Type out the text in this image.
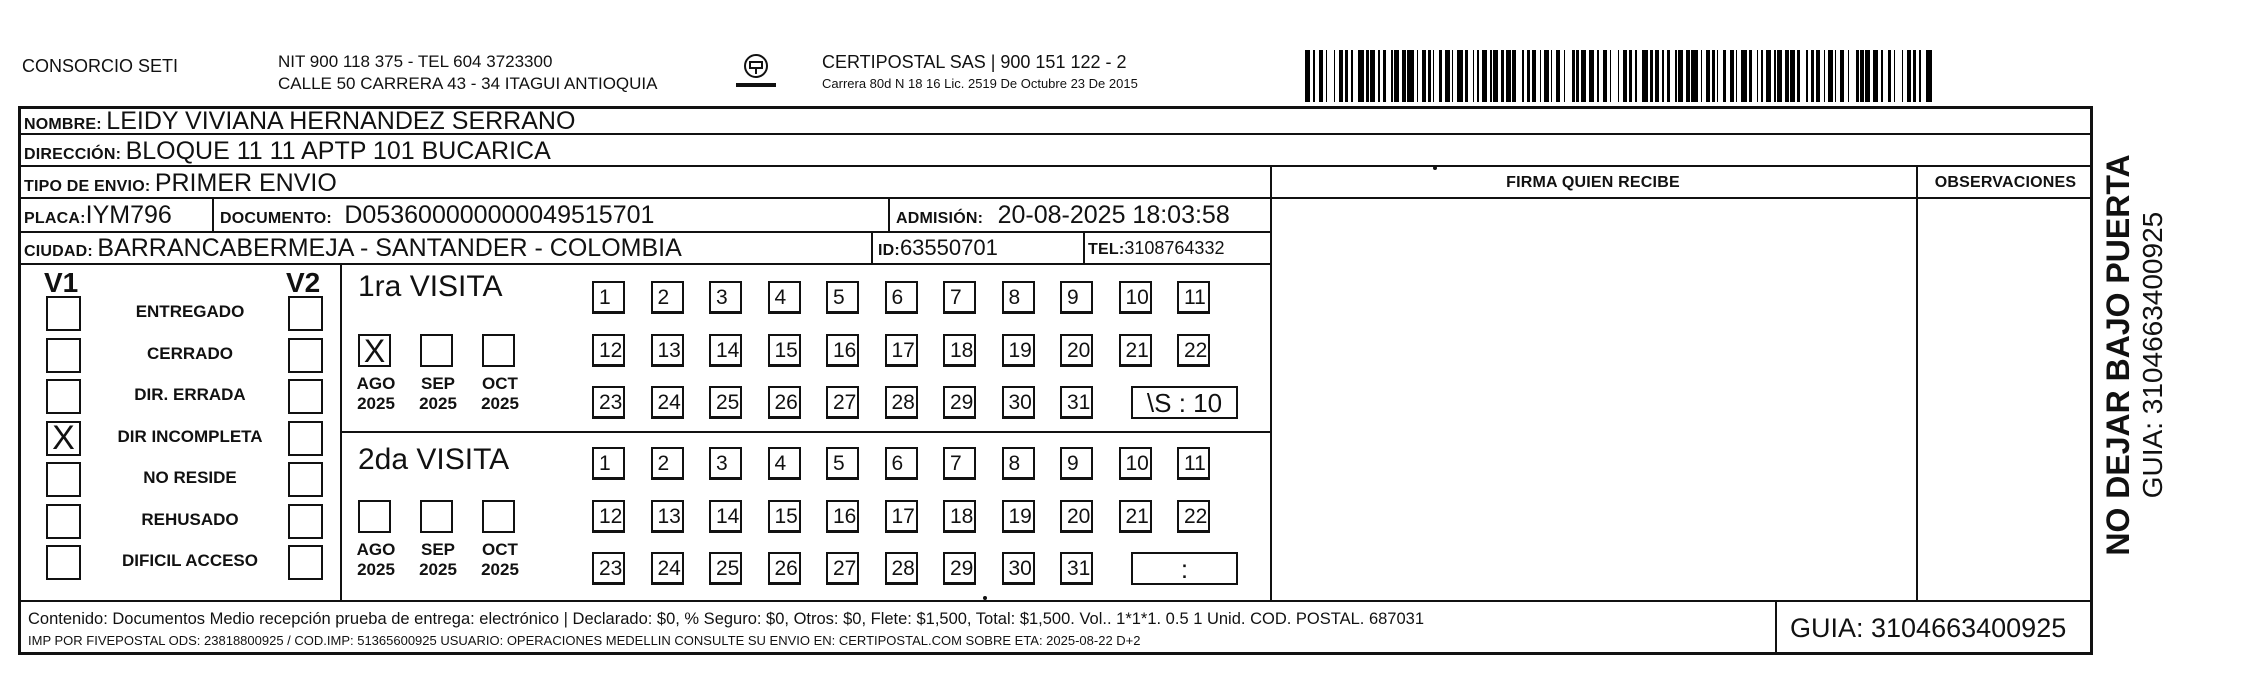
CONSORCIO SETI	NIT 900 118 375 - TEL 604 3723300
CALLE 50 CARRERA 43 - 34 ITAGUI ANTIOQUIA
CERTIPOSTAL SAS | 900 151 122 - 2
Carrera 80d N 18 16 Lic. 2519 De Octubre 23 De 2015
NOMBRE: LEIDY VIVIANA HERNANDEZ SERRANO
DIRECCIÓN: BLOQUE 11 11 APTP 101 BUCARICA
TIPO DE ENVIO: PRIMER ENVIO	FIRMA QUIEN RECIBE	OBSERVACIONES
PLACA:IYM796	DOCUMENTO: D053600000000049515701	ADMISIÓN: 20-08-2025 18:03:58
CIUDAD: BARRANCABERMEJA - SANTANDER - COLOMBIA	ID:63550701	TEL:3108764332
V1	V2
ENTREGADO
CERRADO
DIR. ERRADA
X	DIR INCOMPLETA
NO RESIDE
REHUSADO
DIFICIL ACCESO
1ra VISITA
2da VISITA
X
AGO
2025
SEP
2025
OCT
2025
1	2	3	4	5	6	7	8	9	10	11
12	13	14	15	16	17	18	19	20	21	22
23	24	25	26	27	28	29	30	31	\S : 10
AGO
2025
SEP
2025
OCT
2025
1	2	3	4	5	6	7	8	9	10	11
12	13	14	15	16	17	18	19	20	21	22
23	24	25	26	27	28	29	30	31	:
Contenido: Documentos Medio recepción prueba de entrega: electrónico | Declarado: $0, % Seguro: $0, Otros: $0, Flete: $1,500, Total: $1,500. Vol.. 1*1*1. 0.5 1 Unid. COD. POSTAL. 687031
IMP POR FIVEPOSTAL ODS: 23818800925 / COD.IMP: 51365600925 USUARIO: OPERACIONES MEDELLIN CONSULTE SU ENVIO EN: CERTIPOSTAL.COM SOBRE ETA: 2025-08-22 D+2	GUIA: 3104663400925
NO DEJAR BAJO PUERTA GUIA: 3104663400925
